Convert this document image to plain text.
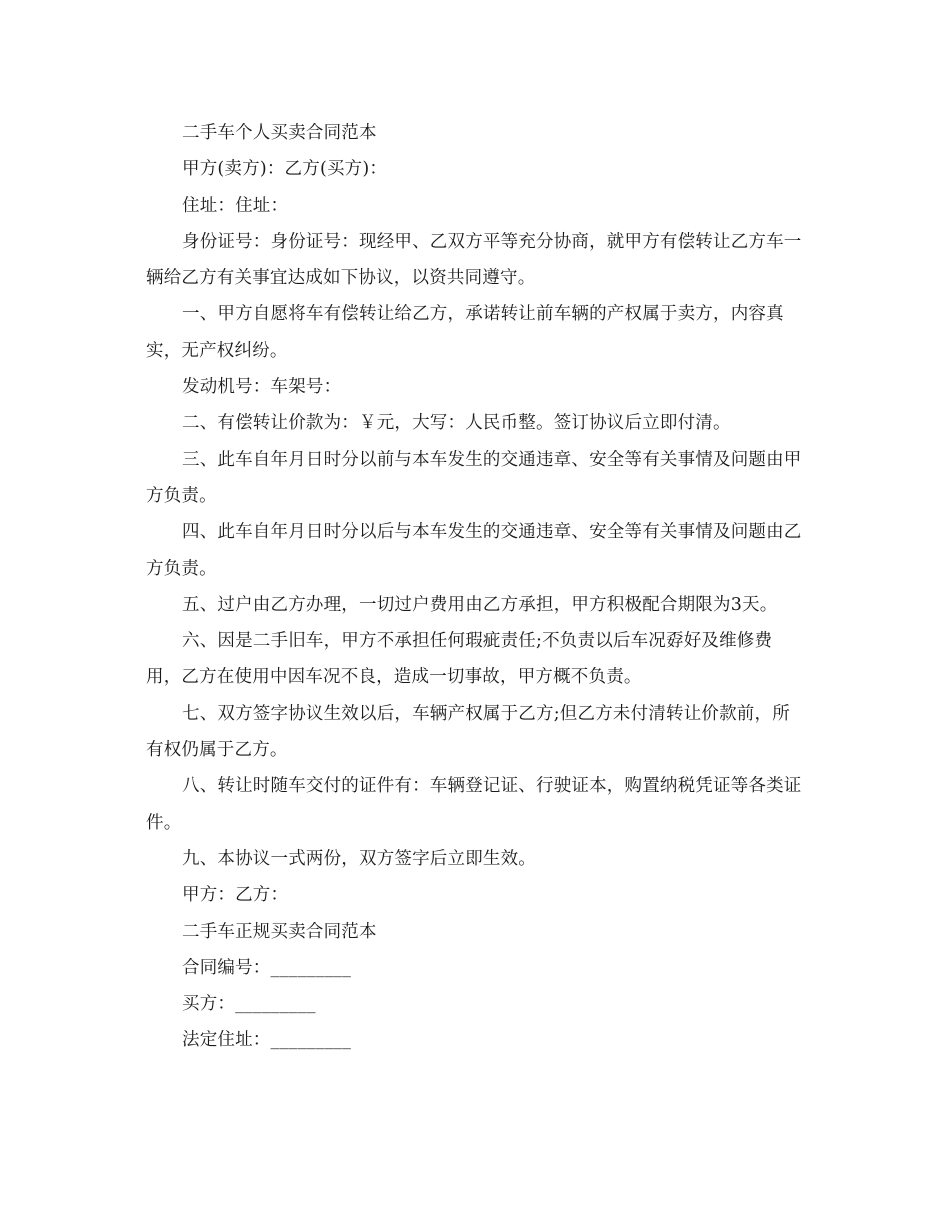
二手车个人买卖合同范本

甲方(卖方)：乙方(买方)：

住址：住址：

身份证号：身份证号：现经甲、乙双方平等充分协商，就甲方有偿转让乙方车一辆给乙方有关事宜达成如下协议，以资共同遵守。

一、甲方自愿将车有偿转让给乙方，承诺转让前车辆的产权属于卖方，内容真实，无产权纠纷。

发动机号：车架号：

二、有偿转让价款为：￥元，大写：人民币整。签订协议后立即付清。

三、此车自年月日时分以前与本车发生的交通违章、安全等有关事情及问题由甲方负责。

四、此车自年月日时分以后与本车发生的交通违章、安全等有关事情及问题由乙方负责。

五、过户由乙方办理，一切过户费用由乙方承担，甲方积极配合期限为3天。

六、因是二手旧车，甲方不承担任何瑕疵责任;不负责以后车况孬好及维修费用，乙方在使用中因车况不良，造成一切事故，甲方概不负责。

七、双方签字协议生效以后，车辆产权属于乙方;但乙方未付清转让价款前，所有权仍属于乙方。

八、转让时随车交付的证件有：车辆登记证、行驶证本，购置纳税凭证等各类证件。

九、本协议一式两份，双方签字后立即生效。

甲方：乙方：

二手车正规买卖合同范本

合同编号：_________

买方：_________

法定住址：_________
